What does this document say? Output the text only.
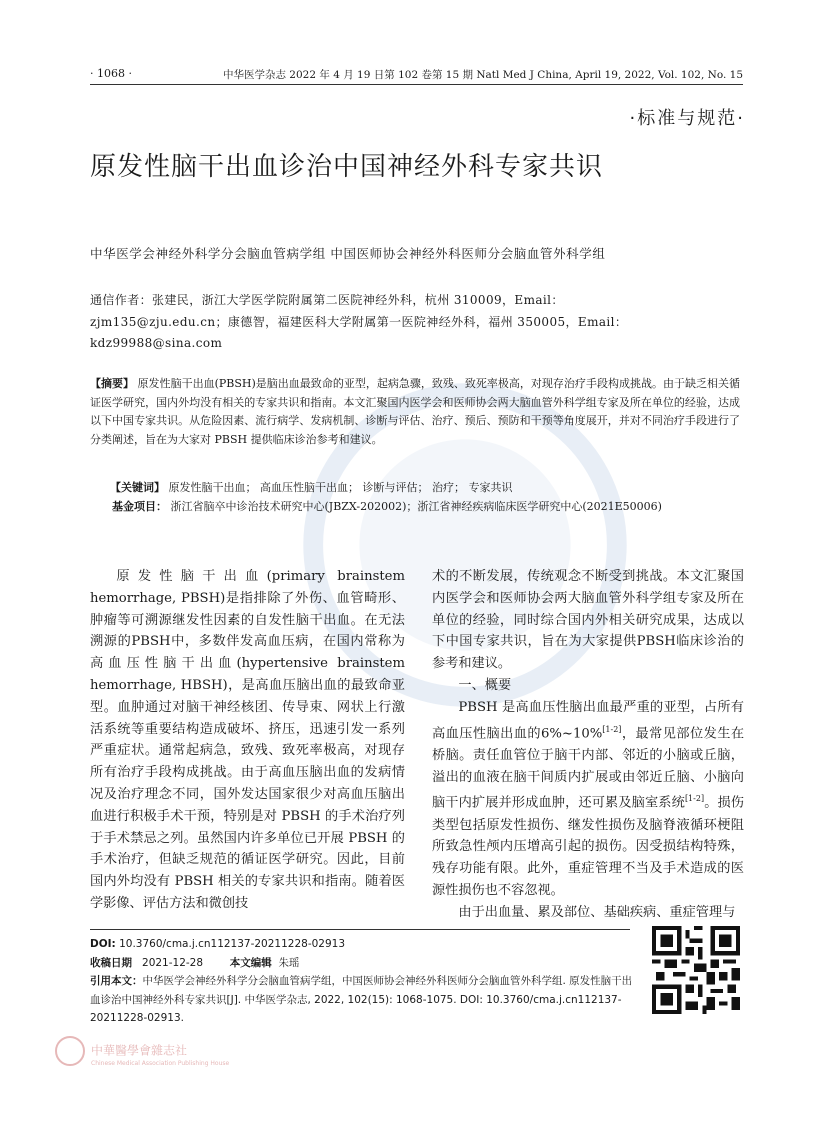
· 1068 ·	中华医学杂志 2022 年 4 月 19 日第 102 卷第 15 期 Natl Med J China, April 19, 2022, Vol. 102, No. 15
·标准与规范·
原发性脑干出血诊治中国神经外科专家共识
中华医学会神经外科学分会脑血管病学组 中国医师协会神经外科医师分会脑血管外科学组
通信作者：张建民，浙江大学医学院附属第二医院神经外科，杭州 310009，Email：zjm135@zju.edu.cn；康德智，福建医科大学附属第一医院神经外科，福州 350005，Email：kdz99988@sina.com
【摘要】 原发性脑干出血(PBSH)是脑出血最致命的亚型，起病急骤，致残、致死率极高，对现存治疗手段构成挑战。由于缺乏相关循证医学研究，国内外均没有相关的专家共识和指南。本文汇聚国内医学会和医师协会两大脑血管外科学组专家及所在单位的经验，达成以下中国专家共识。从危险因素、流行病学、发病机制、诊断与评估、治疗、预后、预防和干预等角度展开，并对不同治疗手段进行了分类阐述，旨在为大家对 PBSH 提供临床诊治参考和建议。
【关键词】 原发性脑干出血； 高血压性脑干出血； 诊断与评估； 治疗； 专家共识
基金项目： 浙江省脑卒中诊治技术研究中心(JBZX-202002)；浙江省神经疾病临床医学研究中心(2021E50006)

原发性脑干出血(primary brainstem hemorrhage, PBSH)是指排除了外伤、血管畸形、肿瘤等可溯源继发性因素的自发性脑干出血。在无法溯源的PBSH中，多数伴发高血压病，在国内常称为高血压性脑干出血(hypertensive brainstem hemorrhage, HBSH)，是高血压脑出血的最致命亚型。血肿通过对脑干神经核团、传导束、网状上行激活系统等重要结构造成破坏、挤压，迅速引发一系列严重症状。通常起病急，致残、致死率极高，对现存所有治疗手段构成挑战。由于高血压脑出血的发病情况及治疗理念不同，国外发达国家很少对高血压脑出血进行积极手术干预，特别是对 PBSH 的手术治疗列于手术禁忌之列。虽然国内许多单位已开展 PBSH 的手术治疗，但缺乏规范的循证医学研究。因此，目前国内外均没有 PBSH 相关的专家共识和指南。随着医学影像、评估方法和微创技

术的不断发展，传统观念不断受到挑战。本文汇聚国内医学会和医师协会两大脑血管外科学组专家及所在单位的经验，同时综合国内外相关研究成果，达成以下中国专家共识，旨在为大家提供PBSH临床诊治的参考和建议。

一、概要

PBSH 是高血压性脑出血最严重的亚型，占所有高血压性脑出血的6%~10%[1-2]，最常见部位发生在桥脑。责任血管位于脑干内部、邻近的小脑或丘脑，溢出的血液在脑干间质内扩展或由邻近丘脑、小脑向脑干内扩展并形成血肿，还可累及脑室系统[1-2]。损伤类型包括原发性损伤、继发性损伤及脑脊液循环梗阻所致急性颅内压增高引起的损伤。因受损结构特殊，残存功能有限。此外，重症管理不当及手术造成的医源性损伤也不容忽视。

由于出血量、累及部位、基础疾病、重症管理与

DOI: 10.3760/cma.j.cn112137-20211228-02913
收稿日期 2021-12-28	本文编辑 朱瑶
引用本文：中华医学会神经外科学分会脑血管病学组，中国医师协会神经外科医师分会脑血管外科学组. 原发性脑干出血诊治中国神经外科专家共识[J]. 中华医学杂志, 2022, 102(15): 1068-1075. DOI: 10.3760/cma.j.cn112137-20211228-02913.
中華醫學會雜志社
Chinese Medical Association Publishing House
